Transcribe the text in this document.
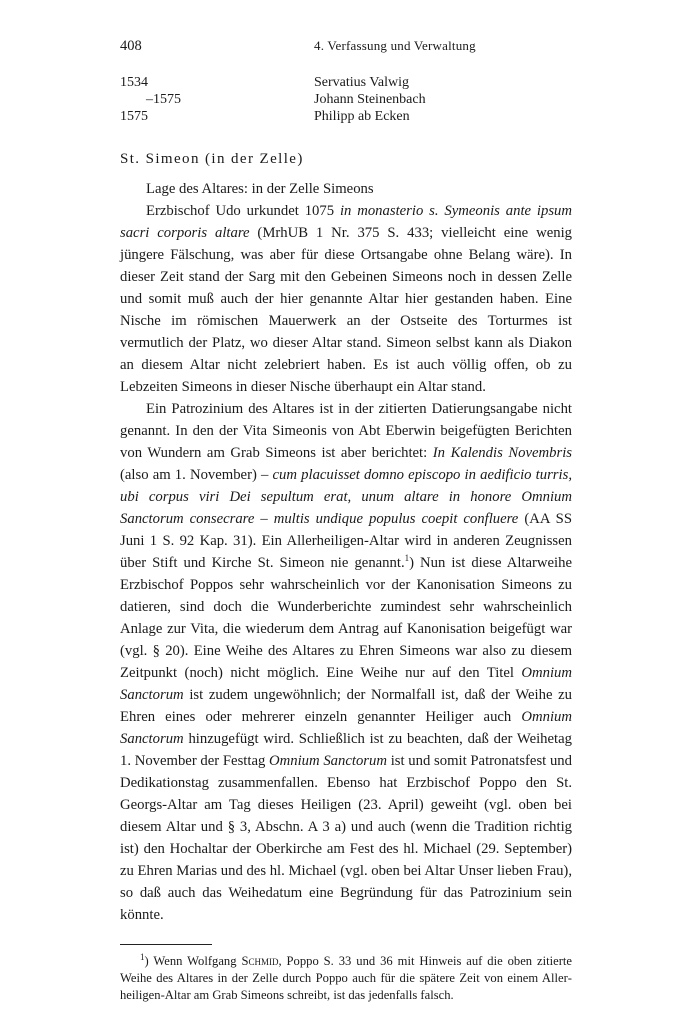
408	4. Verfassung und Verwaltung
1534	Servatius Valwig
–1575	Johann Steinenbach
1575	Philipp ab Ecken
St. Simeon (in der Zelle)

Lage des Altares: in der Zelle Simeons

Erzbischof Udo urkundet 1075 in monasterio s. Symeonis ante ipsum sacri corporis altare (MrhUB 1 Nr. 375 S. 433; vielleicht eine wenig jüngere Fälschung, was aber für diese Ortsangabe ohne Belang wäre). In dieser Zeit stand der Sarg mit den Gebeinen Simeons noch in dessen Zelle und somit muß auch der hier genannte Altar hier gestanden haben. Eine Nische im römischen Mauerwerk an der Ostseite des Torturmes ist vermutlich der Platz, wo dieser Altar stand. Simeon selbst kann als Diakon an diesem Altar nicht zelebriert haben. Es ist auch völlig offen, ob zu Lebzeiten Simeons in dieser Nische überhaupt ein Altar stand.

Ein Patrozinium des Altares ist in der zitierten Datierungsangabe nicht genannt. In den der Vita Simeonis von Abt Eberwin beigefügten Berichten von Wundern am Grab Simeons ist aber berichtet: In Kalendis Novembris (also am 1. November) – cum placuisset domno episcopo in aedificio turris, ubi corpus viri Dei sepultum erat, unum altare in honore Omnium Sanctorum consecrare – multis undique populus coepit confluere (AA SS Juni 1 S. 92 Kap. 31). Ein Allerheiligen-Altar wird in anderen Zeugnissen über Stift und Kirche St. Simeon nie genannt.$^1$) Nun ist diese Altarweihe Erzbischof Poppos sehr wahrscheinlich vor der Kanonisation Simeons zu datieren, sind doch die Wunderberichte zumindest sehr wahrscheinlich Anlage zur Vita, die wiederum dem Antrag auf Kanonisation beigefügt war (vgl. § 20). Eine Weihe des Altares zu Ehren Simeons war also zu diesem Zeitpunkt (noch) nicht möglich. Eine Weihe nur auf den Titel Omnium Sanctorum ist zudem ungewöhnlich; der Normalfall ist, daß der Weihe zu Ehren eines oder mehrerer einzeln genannter Heiliger auch Omnium Sanctorum hinzugefügt wird. Schließlich ist zu beachten, daß der Weihetag 1. November der Festtag Omnium Sanctorum ist und somit Patronatsfest und Dedikationstag zusammenfallen. Ebenso hat Erzbischof Poppo den St. Georgs-Altar am Tag dieses Heiligen (23. April) geweiht (vgl. oben bei diesem Altar und § 3, Abschn. A 3 a) und auch (wenn die Tradition richtig ist) den Hochaltar der Oberkirche am Fest des hl. Michael (29. September) zu Ehren Marias und des hl. Michael (vgl. oben bei Altar Unser lieben Frau), so daß auch das Weihedatum eine Begründung für das Patrozinium sein könnte.

$^1$) Wenn Wolfgang Schmid, Poppo S. 33 und 36 mit Hinweis auf die oben zitierte Weihe des Altares in der Zelle durch Poppo auch für die spätere Zeit von einem Allerheiligen-Altar am Grab Simeons schreibt, ist das jedenfalls falsch.
